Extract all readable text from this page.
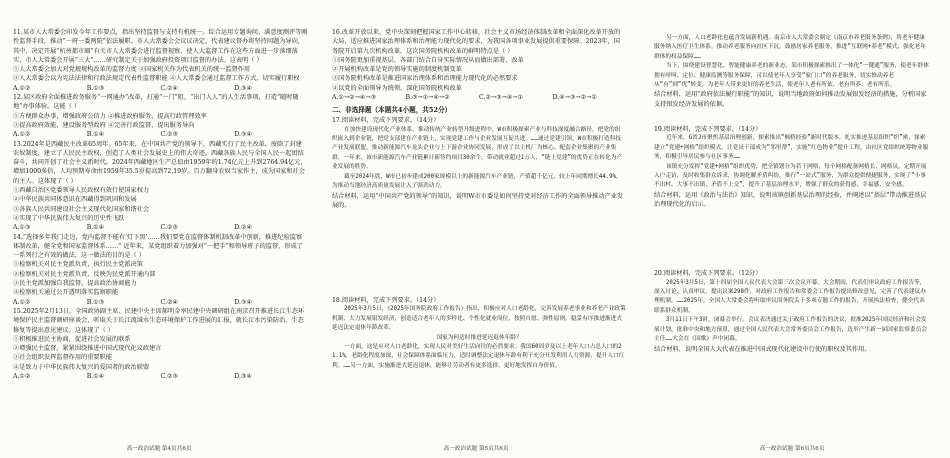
11.某市人大常委会印发今年工作要点，指出坚持监督与支持有机统一。综合运用专题询问、满意度测评等刚性监督手段，推动“一府一委两院”依法履职。市人大常委会会议议决定，代表建议督办将坚持问题为导向，其中，决定开展“杭州都市圈”有关市人大常委会进行监督视察，使人大监督工作在这些方面进一步落细落实，市人大常委会开展“三大”……研究制定关于加强政府投资项目监督的办法。这表明（ ）

①人大常委会加大对党规规构改革的监督力度 ②国家机关作为代表机关的统一监督作用
③人大常委会以为宪法法律和行政法规定代表性监督职能 ④人大常委会通过监督工作方式，切实履行职权

A.①②	B.①③	C.②④	D.③④

12.某区政府全面推进政务服务“一网通办”改革，打通“一门”阻，“出门人人”的人生活事项，打造“随时随地”办事体验。这能（ ）

①方便群众办事，增强政府公信力 ②推进政府服务，提高行政管理效率
③提高政府效能，建设服务型政府 ④完善行政监督，提出服务导向

A.①②	B.①④	C.②③	D.③④

13.2024年是西藏民主改革65周年。65年来，在中国共产党的领导下，西藏实行了民主改革，废除了封建农奴制度，建立了人民民主政权，创造了人类社会发展史上的伟大奇迹。西藏各族人民与全国人民一起团结奋斗，共同开创了社会主义新时代。2024年西藏地区生产总值由1959年的1.74亿元上升到2764.94亿元，增加1000多倍，人均预期寿命由1959年35.5岁提高到72.19岁。百万翻身农奴当家作主，成为国家和社会的主人。这体现了（ ）

①西藏自治区党委领导人民政权有效行使国家权力
②中华民族共同体意识在西藏得到巩固和发展
③各族人民共同建设社会主义现代化国家和谐社会
④实现了中华民族伟大复兴的历史性飞跃

A.①③	B.①④	C.②③	D.②④

14.“选择多年我门走边，党内监督不能有‘灯下黑’……我们要党在监督体制机制改革中创新，推进纪检监察体制改革，健全党和国家监督体系……” 近年来，某党组织着力加强对“一把手”和领导班子的监督，形成了一系列行之有效的做法，这一做法的目的是（ ）

①检察机关对民主党派负责，执行民主党派决策
②检察机关对民主党派负责、反映为民党派开通内部
③民主党派加强自我监督，提高政治协商能力
④检察机关通过公开透明落实监察职能

A.①②	B.①③	C.②④	D.③④

15.2025年2月13日，全国政协副主席、民建中央主席郝明金率民建中央调研组在南京召开推进长江生态环境保护民主监督调研座谈会，听取关于长江流域水生态环境保护工作进展的汇报，就长江水污染防治、生态修复等提出意见建议。这体现了（ ）

①积极推进民主协商，促进社会发展的联系
②增强民主监督，紧紧围绕推进中国式现代化议政建言
③社会组织发挥监督作用的重要职能
④是致力于中华民族伟大复兴的爱国者的政治联盟

A.①②	B.①④	C.②③	D.③④
高一政治试题 第4页共6页

16.改革开放以来，党中央深刻把握国家工作中心转移，社会主义市场经济体制改革和全面深化改革开放的大局，适应推进国家治理体系和治理能力现代化的要求，为我国各项事业发展提供重要保障。2023年，国务院开启第九次机构改革，这次国务院机构改革的鲜明特点是（ ）

①国务院更加重视基层、各部门结合自身实际情况从而做出部署，改革
②开展机构改革是党的领导实施的制度机制变革
③国务院机构改革是推进国家治理体系和治理能力现代化的必然要求
④以党的全面领导为统领，深化国务院机构改革

A.①→②→④→③	B.③→①→④→②	C.②→③→④→①	D.④→③→②→①
二、非选择题（本题共4小题，共52分）

17.阅读材料，完成下列要求。（14分）

在加快建设现代化产业体系，推动传统产业转型升级进程中，W市积极探索产业与科技深度融合路径，把党的组织嵌入到企业链，把党支部建在产业链上，实现党建工作与企业发展互促共进。……通过党建引领，W市积极打造科技产业发展联盟，推动新能源汽车龙头企业与上下游企业协同发展，形成了以主机厂为核心、配套企业集聚的产业集群。一年来，该市新能源汽车产业链累计新签约项目30余个，带动就业超过1万人，“链上党建”的优势正在转化为产业发展的胜势。

截至2024年底，W市已初步建成200家规模以上的新能源汽车产业链，产值超千亿元，较上年同期增长44.9%，为推动当地经济高质量发展注入了强劲动力。

结合材料，运用“中国共产党的领导”的知识，说明W市市委是如何坚持党对经济工作的全面领导推动产业发展的。

18.阅读材料，完成下列要求。（14分）

2025年3月5日，《2025年国务院政府工作报告》指出，积极应对人口老龄化，完善发展养老事业和养老产业政策机制，大力发展银发经济，创造适合老年人的多样化、个性化就业岗位，按照自愿、弹性原则，稳妥有序推进渐进式延迟法定退休年龄改革。

国家为何适时推进延迟退休年龄？

一方面，这是应对人口老龄化，实现人民对美好生活向往的必然要求。我国60周岁及以上老年人口占总人口的21.1%，老龄化程度加深，社会保障体系面临压力，适时调整法定退休年龄有利于充分开发利用人力资源，提升人口红利。……另一方面，实施渐进式延迟退休，能够让劳动者有更多选择，更好地发挥自身价值。

高一政治试题 第5页共6页

另一方面，人口老龄化也蕴含发展新机遇。南京市人大常委会制定《南京市养老服务条例》，将老年健康服务纳入医疗卫生体系。推动养老服务向社区下沉，鼓励居家养老服务，推进“互联网+养老”模式，强化老年群体的权益保障……

当下，围绕建设智慧化、智能健康养老的新业态，某市积极探索推出了一体化“一键通”服务，使老年群体拥有呼叫、定位、健康监测等服务保障，可以使老年人享受“家门口”的养老服务，切实推动养老从“有”到“优”转变，为老年人带来更好的养老生活，使老年人老有所依、老有所养、老有所乐。

结合材料，运用“政府依法履行职能”的知识，说明当地政府如何推动发展银发经济的措施，分析国家支持银发经济发展的依据。

19.阅读材料，完成下列要求。（14分）

近年来，G省J市聚焦基层治理创新，探索推出“枫桥经验”新时代版本，扎实推进基层组织“织”密，探索建立“党建+网格”组织模式，让党员干部成为“邻里帮”，实施“红色物业”提升工程，由社区党组织统筹物业服务，积极引导居民参与社区事务……

该镇充分发挥“党建+网格”组织优势，把全镇划分为若干网格，每个网格配备网格长、网格员，定期开展入户走访，及时收集群众诉求，协调化解矛盾纠纷。推行“一站式”服务，为群众提供便捷服务，实现了“小事不出村、大事不出镇、矛盾不上交”，提升了基层治理水平，增强了群众的获得感、幸福感、安全感。

结合材料，运用《政治与法治》知识，说明该镇创新基层治理的经验，并阐述以“基层”带动推进基层治理现代化的启示。

20.阅读材料，完成下列要求。（12分）

2025年3月5日，第十四届全国人民代表大会第三次会议开幕。大会期间，代表们审议政府工作报告等，深入讨论、认真审议，提出议案298件，对政府工作报告和常委会工作报告提出修改意见，完善了代表建议办理机制。……2025年，全国人大常委会将听取审议国务院关于多项专题工作的报告，开展执法检查，健全代表联系群众机制。

3月11日下午3时，闭幕会举行。会议表决通过关于政府工作报告的决议，批准2025年国民经济和社会发展计划，批准中央和地方预算，通过全国人民代表大会常务委员会工作报告，选举产生新一届国家监察委员会主任……大会在《国歌》声中闭幕。

结合材料，说明全国人大代表在推进中国式现代化建设中行使的职权及其作用。

高一政治试题 第6页共6页
